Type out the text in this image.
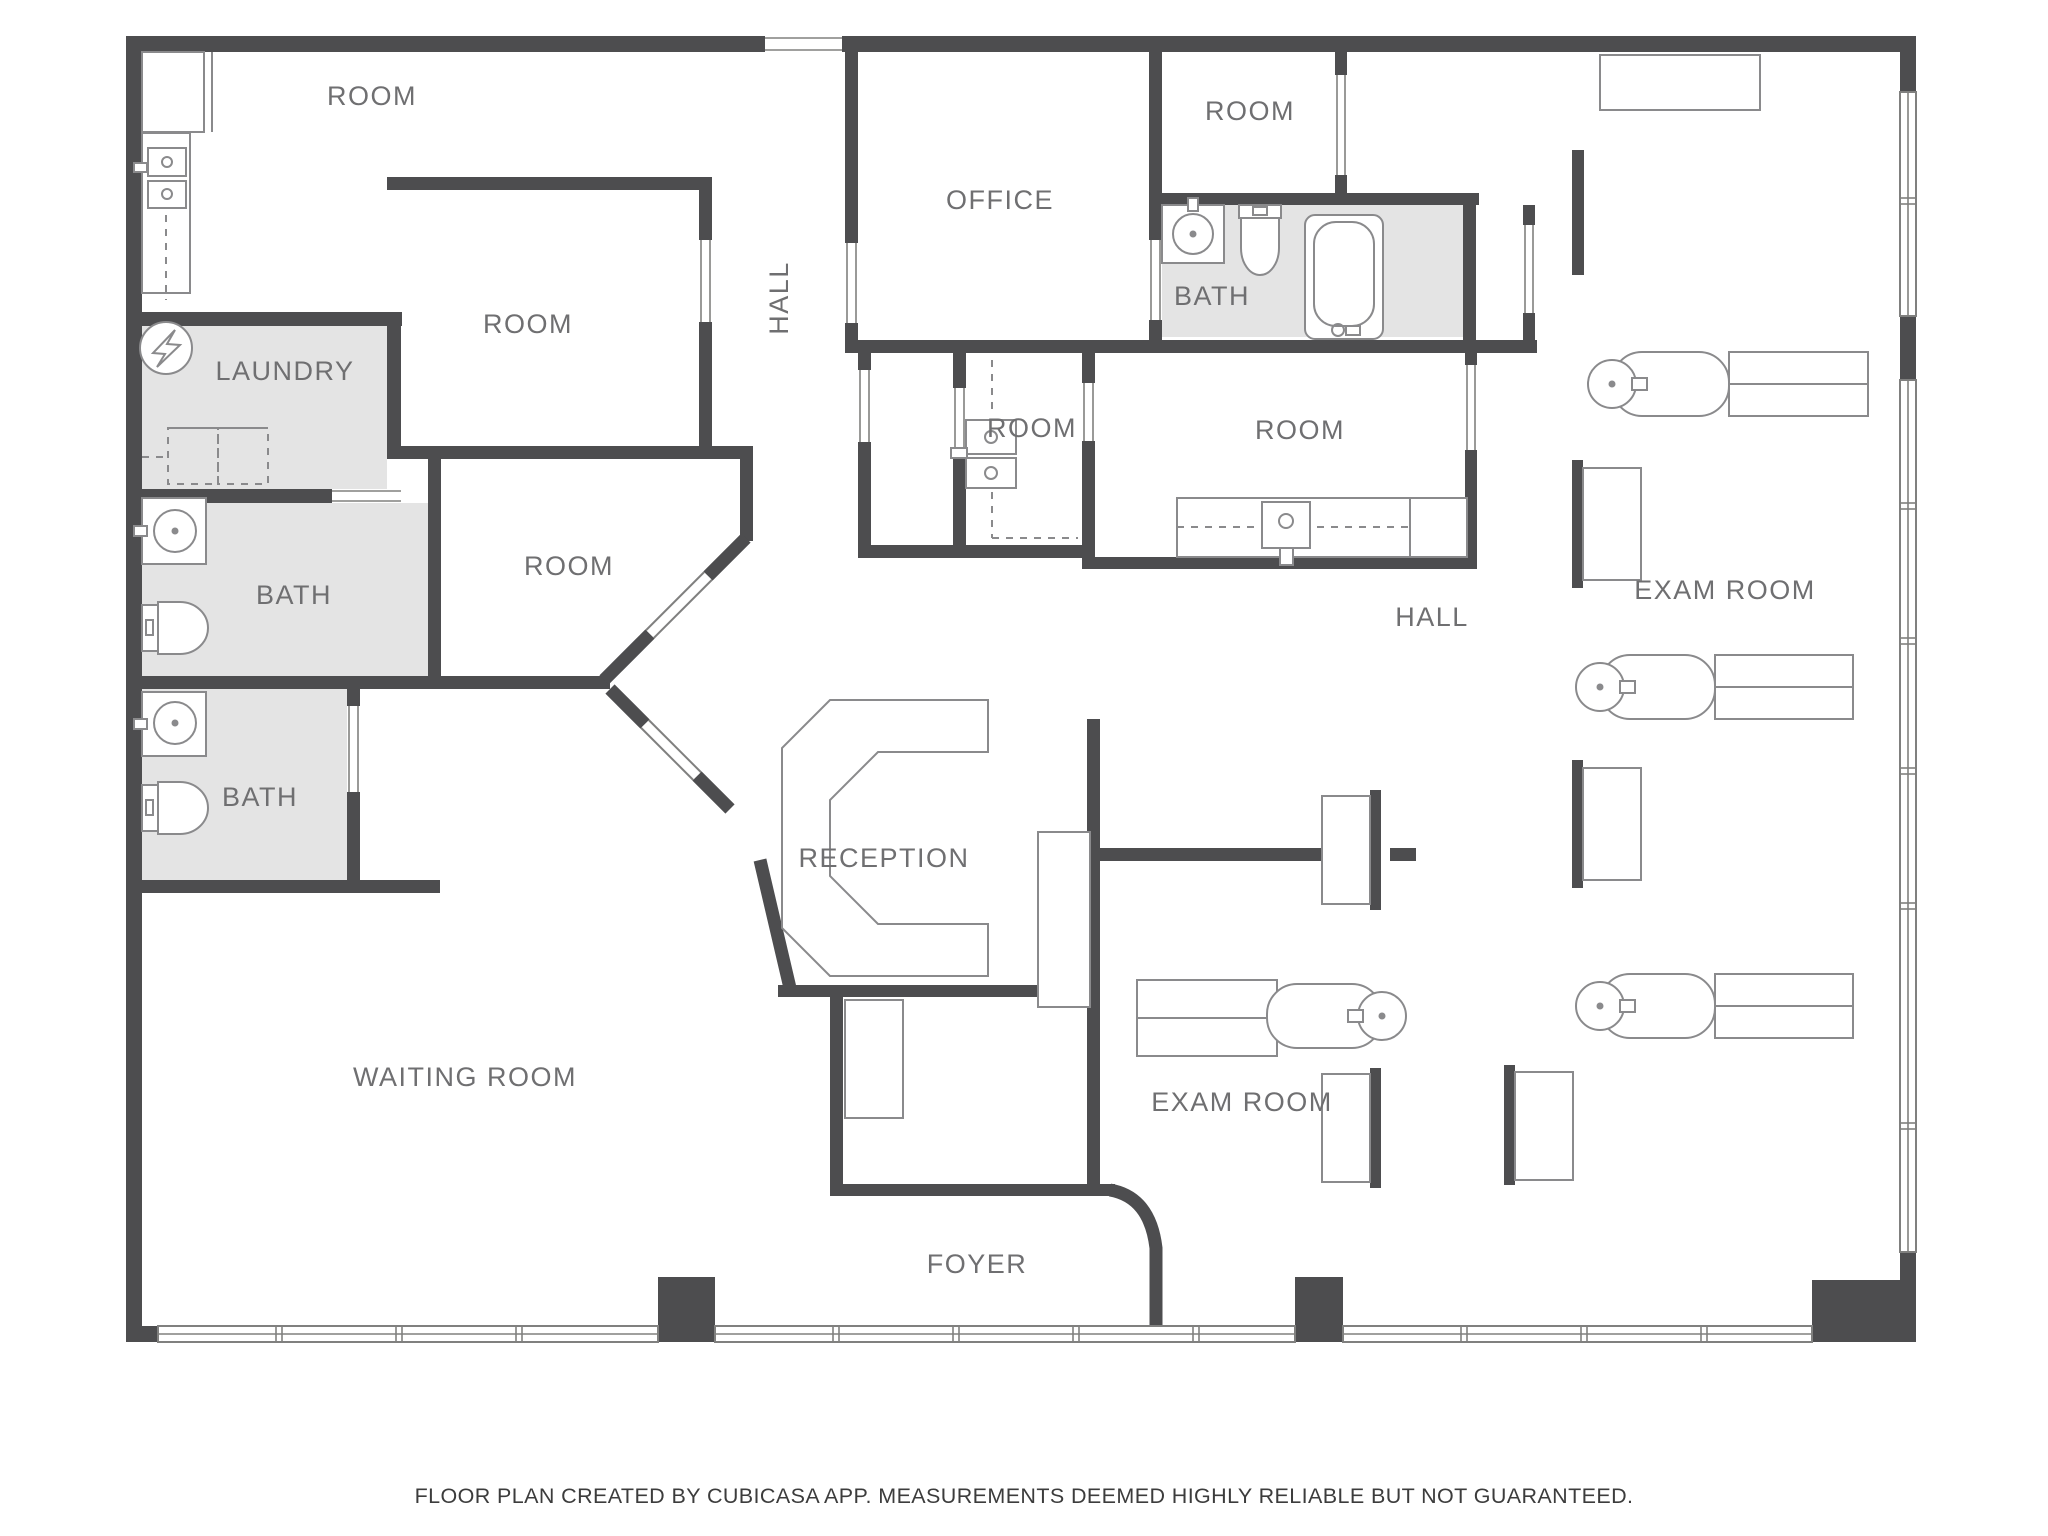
ROOM
LAUNDRY
ROOM
ROOM
BATH
BATH
HALL
OFFICE
ROOM
BATH
ROOM	ROOM
HALL
EXAM ROOM
RECEPTION
WAITING ROOM
EXAM ROOM
FOYER
FLOOR PLAN CREATED BY CUBICASA APP. MEASUREMENTS DEEMED HIGHLY RELIABLE BUT NOT GUARANTEED.
